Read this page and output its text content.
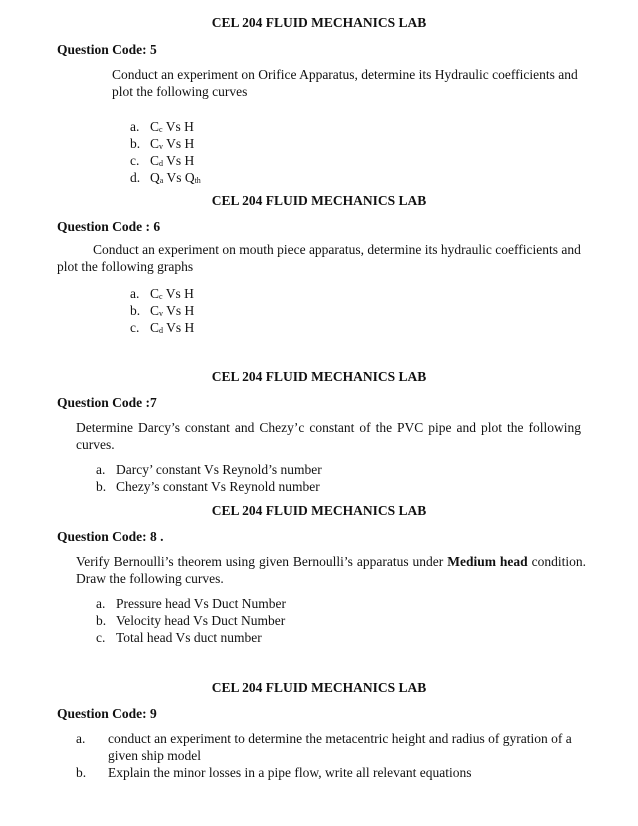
CEL 204 FLUID MECHANICS LAB
Question Code: 5
Conduct an experiment on Orifice Apparatus, determine its Hydraulic coefficients and plot the following curves
a. $C_c$ Vs H
b. $C_v$ Vs H
c. $C_d$ Vs H
d. $Q_a$ Vs $Q_{th}$
CEL 204 FLUID MECHANICS LAB
Question Code : 6
Conduct an experiment on mouth piece apparatus, determine its hydraulic coefficients and plot the following graphs
a. $C_c$ Vs H
b. $C_v$ Vs H
c. $C_d$ Vs H
CEL 204 FLUID MECHANICS LAB
Question Code :7
Determine Darcy’s constant and Chezy’c constant of the PVC pipe and plot the following curves.
a. Darcy’ constant Vs Reynold’s number
b. Chezy’s constant Vs Reynold number
CEL 204 FLUID MECHANICS LAB
Question Code: 8 .
Verify Bernoulli’s theorem using given Bernoulli’s apparatus under Medium head condition. Draw the following curves.
a. Pressure head Vs Duct Number
b. Velocity head Vs Duct Number
c. Total head Vs duct number
CEL 204 FLUID MECHANICS LAB
Question Code: 9
a. conduct an experiment to determine the metacentric height and radius of gyration of a given ship model
b. Explain the minor losses in a pipe flow, write all relevant equations
